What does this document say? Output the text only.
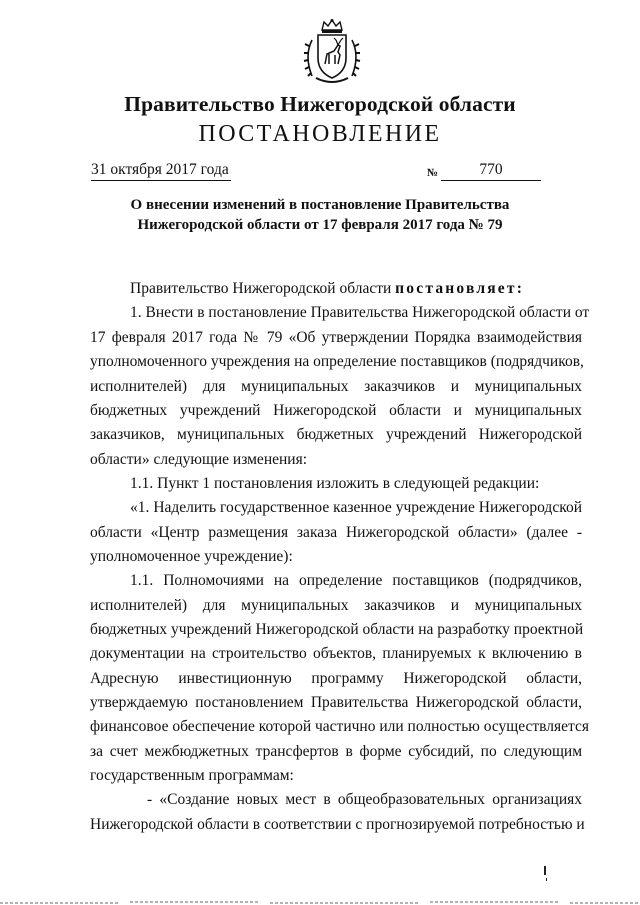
Правительство Нижегородской области
ПОСТАНОВЛЕНИЕ
31 октября 2017 года	№	770
О внесении изменений в постановление Правительства
Нижегородской области от 17 февраля 2017 года № 79
Правительство Нижегородской области постановляет:
1. Внести в постановление Правительства Нижегородской области от
17 февраля 2017 года № 79 «Об утверждении Порядка взаимодействия
уполномоченного учреждения на определение поставщиков (подрядчиков,
исполнителей) для муниципальных заказчиков и муниципальных
бюджетных учреждений Нижегородской области и муниципальных
заказчиков, муниципальных бюджетных учреждений Нижегородской
области» следующие изменения:
1.1. Пункт 1 постановления изложить в следующей редакции:
«1. Наделить государственное казенное учреждение Нижегородской
области «Центр размещения заказа Нижегородской области» (далее -
уполномоченное учреждение):
1.1. Полномочиями на определение поставщиков (подрядчиков,
исполнителей) для муниципальных заказчиков и муниципальных
бюджетных учреждений Нижегородской области на разработку проектной
документации на строительство объектов, планируемых к включению в
Адресную инвестиционную программу Нижегородской области,
утверждаемую постановлением Правительства Нижегородской области,
финансовое обеспечение которой частично или полностью осуществляется
за счет межбюджетных трансфертов в форме субсидий, по следующим
государственным программам:
- «Создание новых мест в общеобразовательных организациях
Нижегородской области в соответствии с прогнозируемой потребностью и
